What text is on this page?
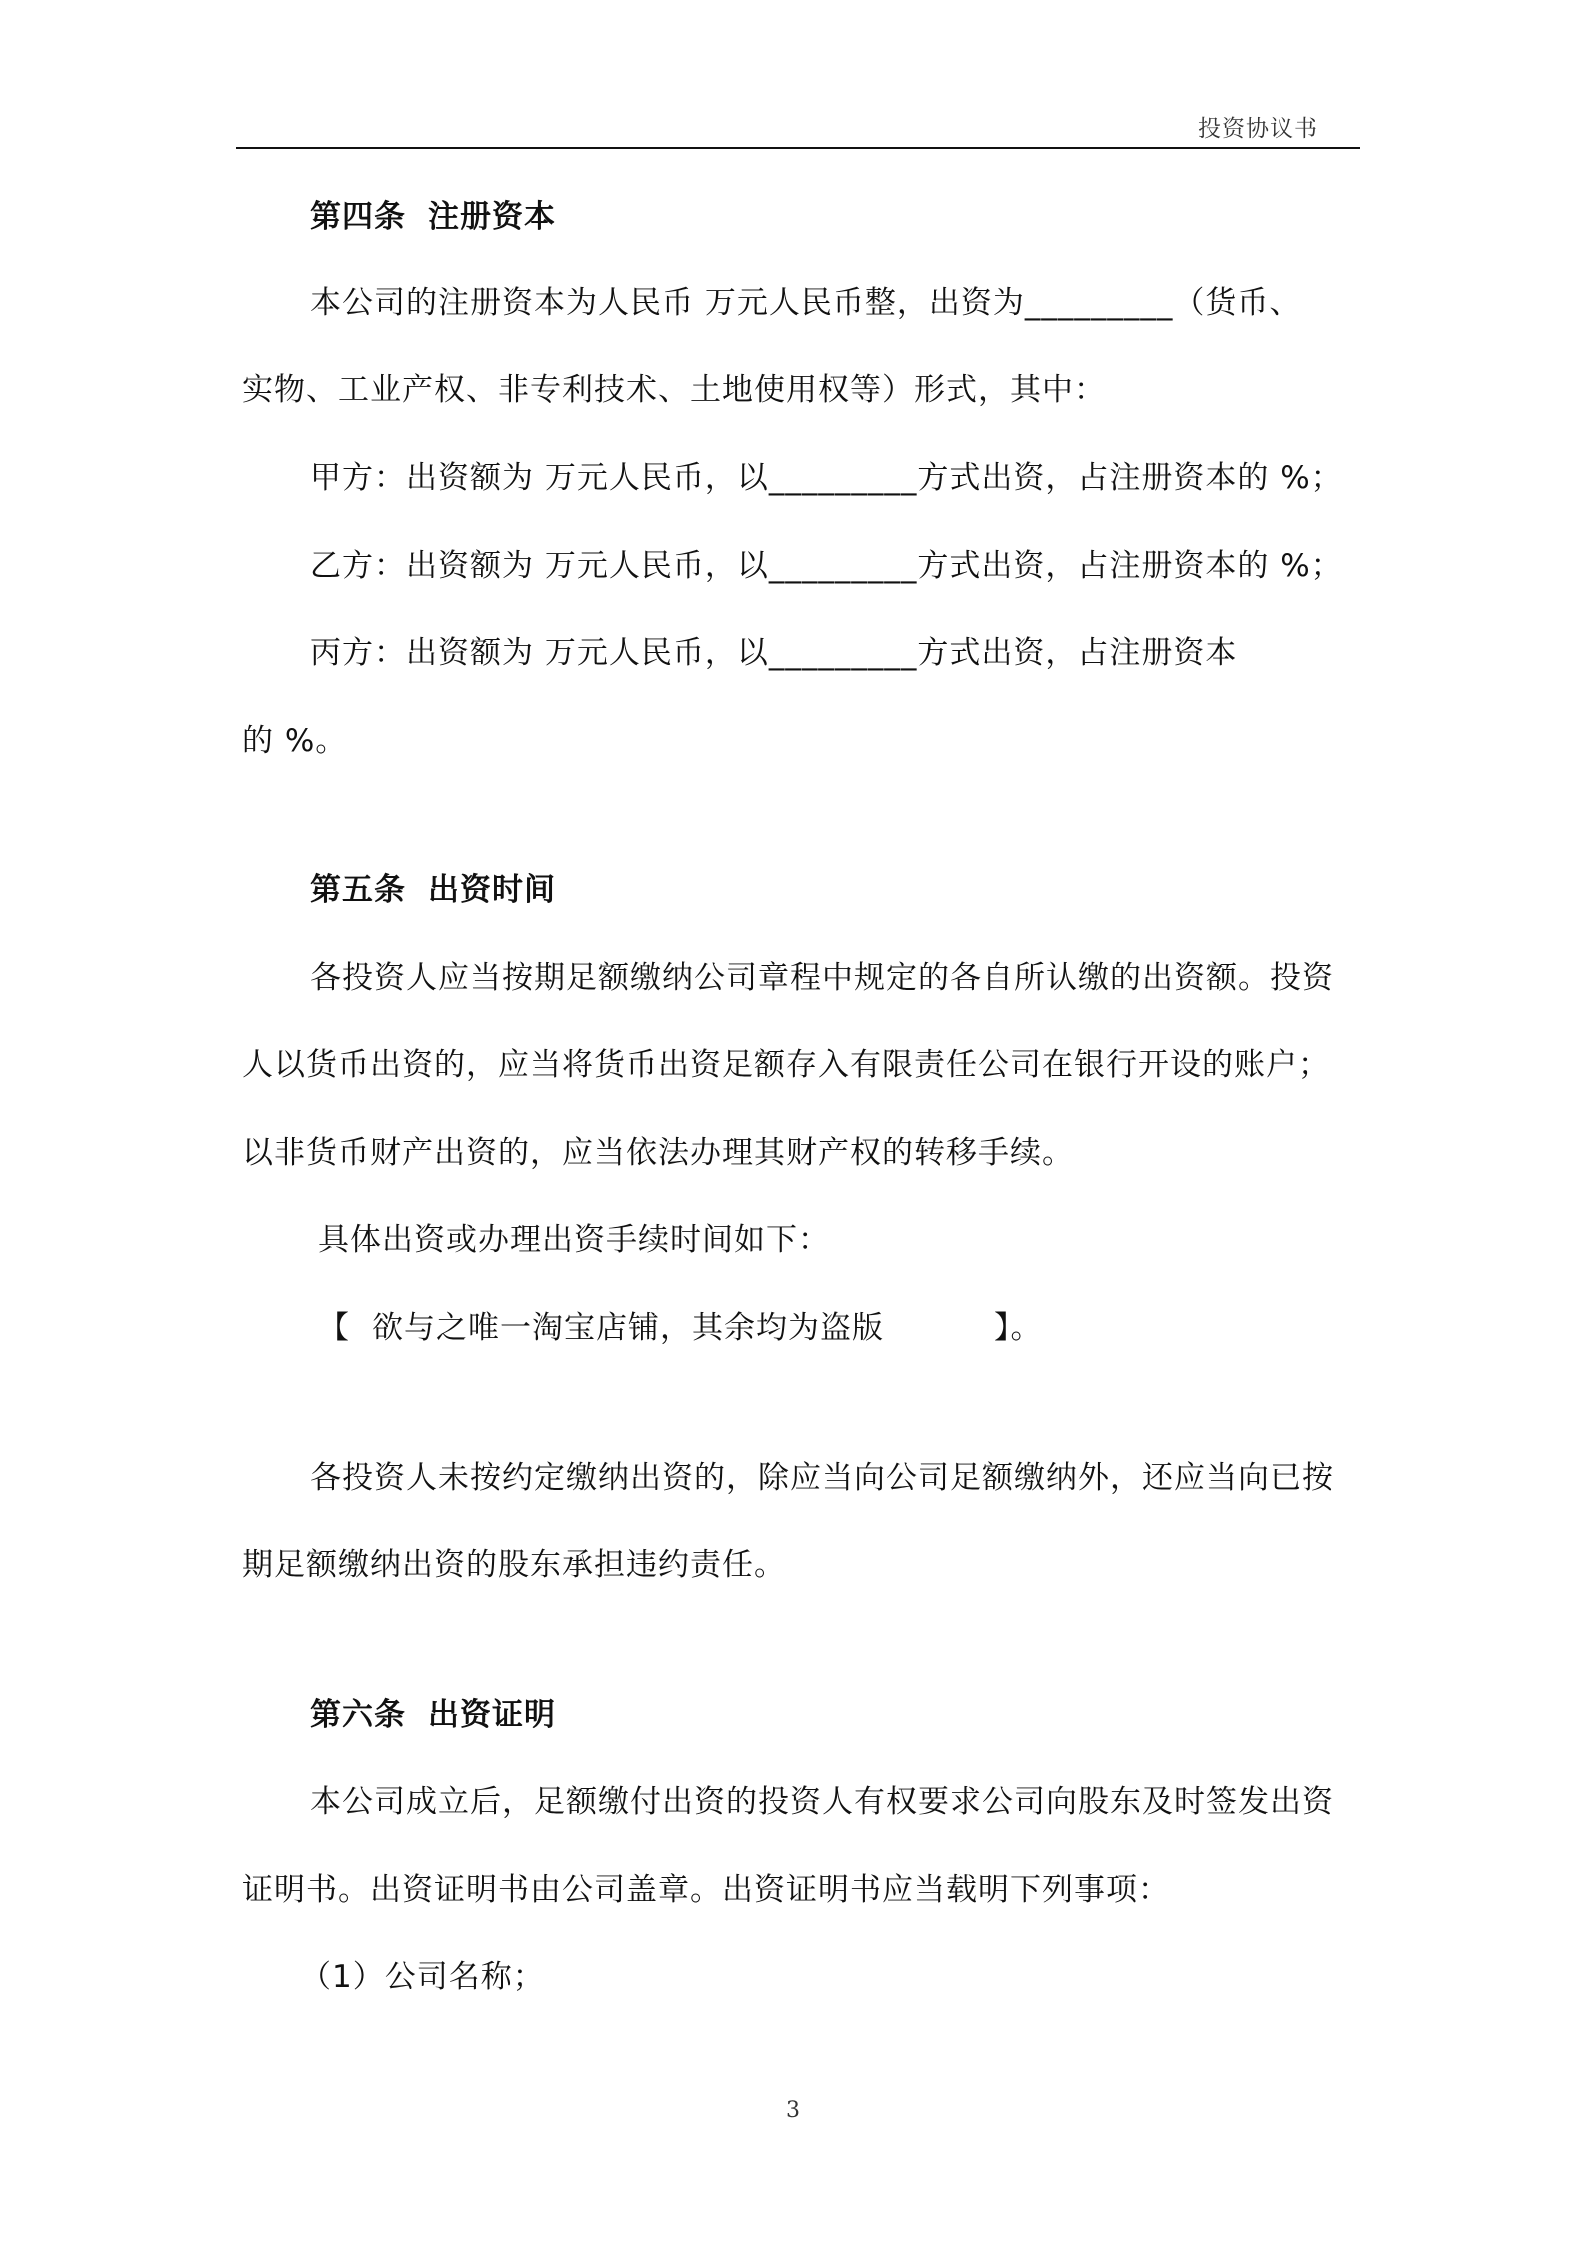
投资协议书
第四条 注册资本
本公司的注册资本为人民币 万元人民币整，出资为_________（货币、
实物、工业产权、非专利技术、土地使用权等）形式，其中：
甲方：出资额为 万元人民币，以_________方式出资，占注册资本的 %；
乙方：出资额为 万元人民币，以_________方式出资，占注册资本的 %；
丙方：出资额为 万元人民币，以_________方式出资，占注册资本
的 %。
第五条 出资时间
各投资人应当按期足额缴纳公司章程中规定的各自所认缴的出资额。投资
人以货币出资的，应当将货币出资足额存入有限责任公司在银行开设的账户；
以非货币财产出资的，应当依法办理其财产权的转移手续。
具体出资或办理出资手续时间如下：
【 欲与之唯一淘宝店铺，其余均为盗版	】。
各投资人未按约定缴纳出资的，除应当向公司足额缴纳外，还应当向已按
期足额缴纳出资的股东承担违约责任。
第六条 出资证明
本公司成立后，足额缴付出资的投资人有权要求公司向股东及时签发出资
证明书。出资证明书由公司盖章。出资证明书应当载明下列事项：
（1）公司名称；
3
